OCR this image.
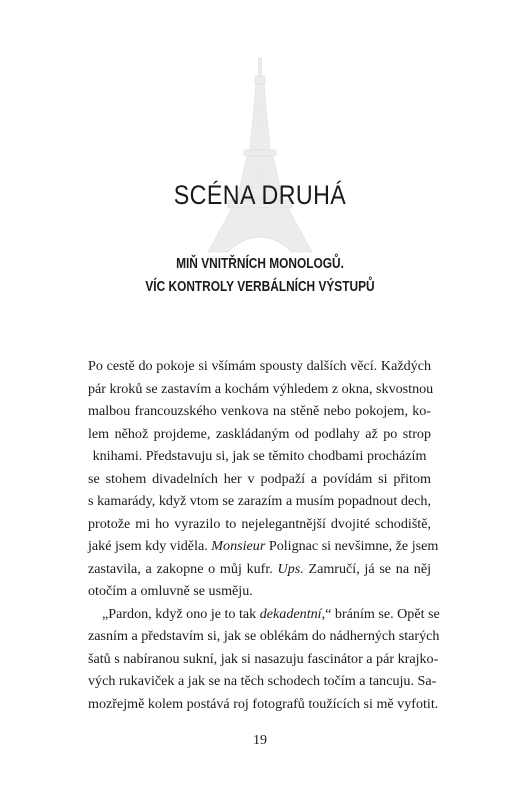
SCÉNA DRUHÁ
MIŇ VNITŘNÍCH MONOLOGŮ.
VÍC KONTROLY VERBÁLNÍCH VÝSTUPŮ

Po cestě do pokoje si všímám spousty dalších věcí. Každých
pár kroků se zastavím a kochám výhledem z okna, skvostnou
malbou francouzského venkova na stěně nebo pokojem, ko-
lem něhož projdeme, zaskládaným od podlahy až po strop
knihami. Představuju si, jak se těmito chodbami procházím
se stohem divadelních her v podpaží a povídám si přitom
s kamarády, když vtom se zarazím a musím popadnout dech,
protože mi ho vyrazilo to nejelegantnější dvojité schodiště,
jaké jsem kdy viděla. Monsieur Polignac si nevšimne, že jsem
zastavila, a zakopne o můj kufr. Ups. Zamručí, já se na něj
otočím a omluvně se usměju.

„Pardon, když ono je to tak dekadentní,“ bráním se. Opět se
zasním a představím si, jak se oblékám do nádherných starých
šatů s nabíranou sukní, jak si nasazuju fascinátor a pár krajko-
vých rukaviček a jak se na těch schodech točím a tancuju. Sa-
mozřejmě kolem postává roj fotografů toužících si mě vyfotit.

19
